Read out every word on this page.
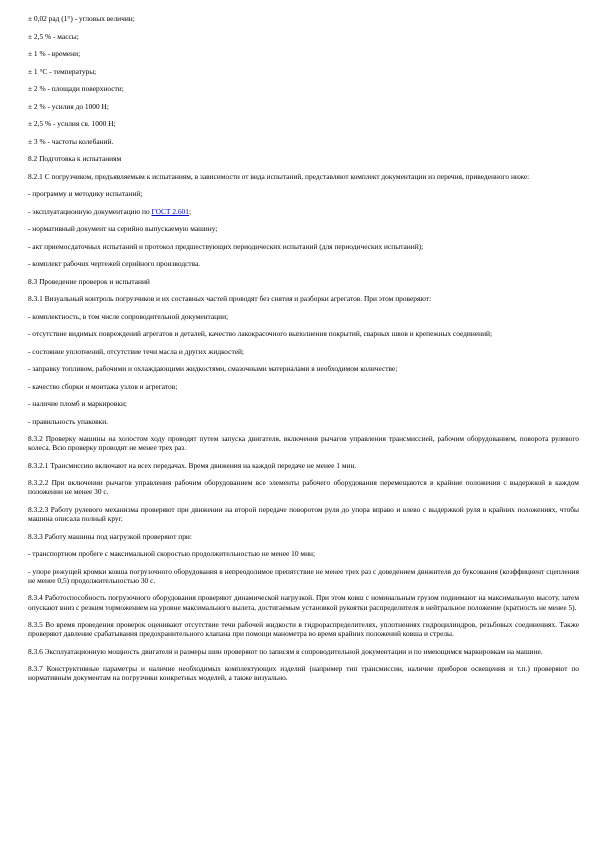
± 0,02 рад (1°) - угловых величин;
± 2,5 % - массы;
± 1 % - времени;
± 1 °С - температуры;
± 2 % - площади поверхности;
± 2 % - усилия до 1000 Н;
± 2,5 % - усилия св. 1000 Н;
± 3 % - частоты колебаний.
8.2 Подготовка к испытаниям
8.2.1 С погрузчиком, предъявляемым к испытаниям, в зависимости от вида испытаний, представляют комплект документации из перечня, приведенного ниже:
- программу и методику испытаний;
- эксплуатационную документацию по ГОСТ 2.601;
- нормативный документ на серийно выпускаемую машину;
- акт приемосдаточных испытаний и протокол предшествующих периодических испытаний (для периодических испытаний);
- комплект рабочих чертежей серийного производства.
8.3 Проведение проверок и испытаний
8.3.1 Визуальный контроль погрузчиков и их составных частей проводят без снятия и разборки агрегатов. При этом проверяют:
- комплектность, в том числе сопроводительной документации;
- отсутствие видимых повреждений агрегатов и деталей, качество лакокрасочного выполнения покрытий, сварных швов и крепежных соединений;
- состояние уплотнений, отсутствие течи масла и других жидкостей;
- заправку топливом, рабочими и охлаждающими жидкостями, смазочными материалами в необходимом количестве;
- качество сборки и монтажа узлов и агрегатов;
- наличие пломб и маркировки;
- правильность упаковки.
8.3.2 Проверку машины на холостом ходу проводят путем запуска двигателя, включения рычагов управления трансмиссией, рабочим оборудованием, поворота рулевого колеса. Всю проверку проводят не менее трех раз.
8.3.2.1 Трансмиссию включают на всех передачах. Время движения на каждой передаче не менее 1 мин.
8.3.2.2 При включении рычагов управления рабочим оборудованием все элементы рабочего оборудования перемещаются в крайние положения с выдержкой в каждом положении не менее 30 с.
8.3.2.3 Работу рулевого механизма проверяют при движении на второй передаче поворотом руля до упора вправо и влево с выдержкой руля в крайних положениях, чтобы машина описала полный круг.
8.3.3 Работу машины под нагрузкой проверяют при:
- транспортном пробеге с максимальной скоростью продолжительностью не менее 10 мин;
- упоре режущей кромки ковша погрузочного оборудования в непреодолимое препятствие не менее трех раз с доведением движителя до буксования (коэффициент сцепления не менее 0,5) продолжительностью 30 с.
8.3.4 Работоспособность погрузочного оборудования проверяют динамической нагрузкой. При этом ковш с номинальным грузом поднимают на максимальную высоту, затем опускают вниз с резким торможением на уровне максимального вылета, достигаемым установкой рукоятки распределителя в нейтральное положение (кратность не менее 5).
8.3.5 Во время проведения проверок оценивают отсутствие течи рабочей жидкости в гидрораспределителях, уплотнениях гидроцилиндров, резьбовых соединениях. Также проверяют давление срабатывания предохранительного клапана при помощи манометра во время крайних положений ковша и стрелы.
8.3.6 Эксплуатационную мощность двигателя и размеры шин проверяют по записям в сопроводительной документации и по имеющимся маркировкам на машине.
8.3.7 Конструктивные параметры и наличие необходимых комплектующих изделий (например тип трансмиссии, наличие приборов освещения и т.п.) проверяют по нормативным документам на погрузчики конкретных моделей, а также визуально.
